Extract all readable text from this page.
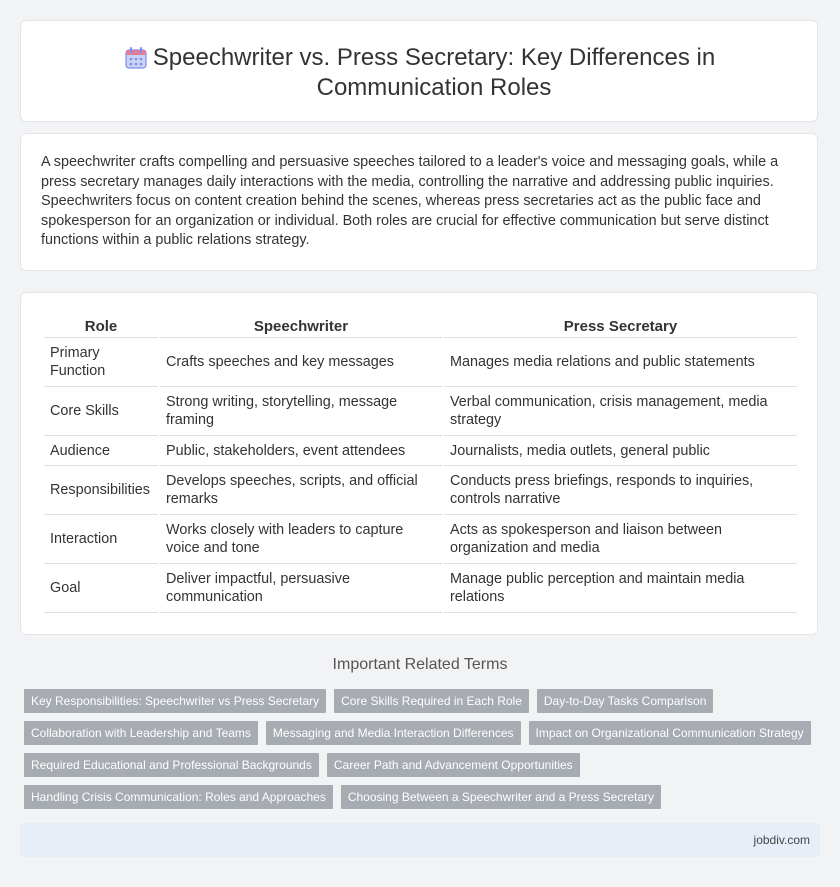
Speechwriter vs. Press Secretary: Key Differences in Communication Roles

A speechwriter crafts compelling and persuasive speeches tailored to a leader's voice and messaging goals, while a press secretary manages daily interactions with the media, controlling the narrative and addressing public inquiries. Speechwriters focus on content creation behind the scenes, whereas press secretaries act as the public face and spokesperson for an organization or individual. Both roles are crucial for effective communication but serve distinct functions within a public relations strategy.

Role	Speechwriter	Press Secretary
Primary Function	Crafts speeches and key messages	Manages media relations and public statements
Core Skills	Strong writing, storytelling, message framing	Verbal communication, crisis management, media strategy
Audience	Public, stakeholders, event attendees	Journalists, media outlets, general public
Responsibilities	Develops speeches, scripts, and official remarks	Conducts press briefings, responds to inquiries, controls narrative
Interaction	Works closely with leaders to capture voice and tone	Acts as spokesperson and liaison between organization and media
Goal	Deliver impactful, persuasive communication	Manage public perception and maintain media relations
Important Related Terms
Key Responsibilities: Speechwriter vs Press Secretary	Core Skills Required in Each Role	Day-to-Day Tasks Comparison
Collaboration with Leadership and Teams	Messaging and Media Interaction Differences	Impact on Organizational Communication Strategy
Required Educational and Professional Backgrounds	Career Path and Advancement Opportunities
Handling Crisis Communication: Roles and Approaches	Choosing Between a Speechwriter and a Press Secretary
jobdiv.com
